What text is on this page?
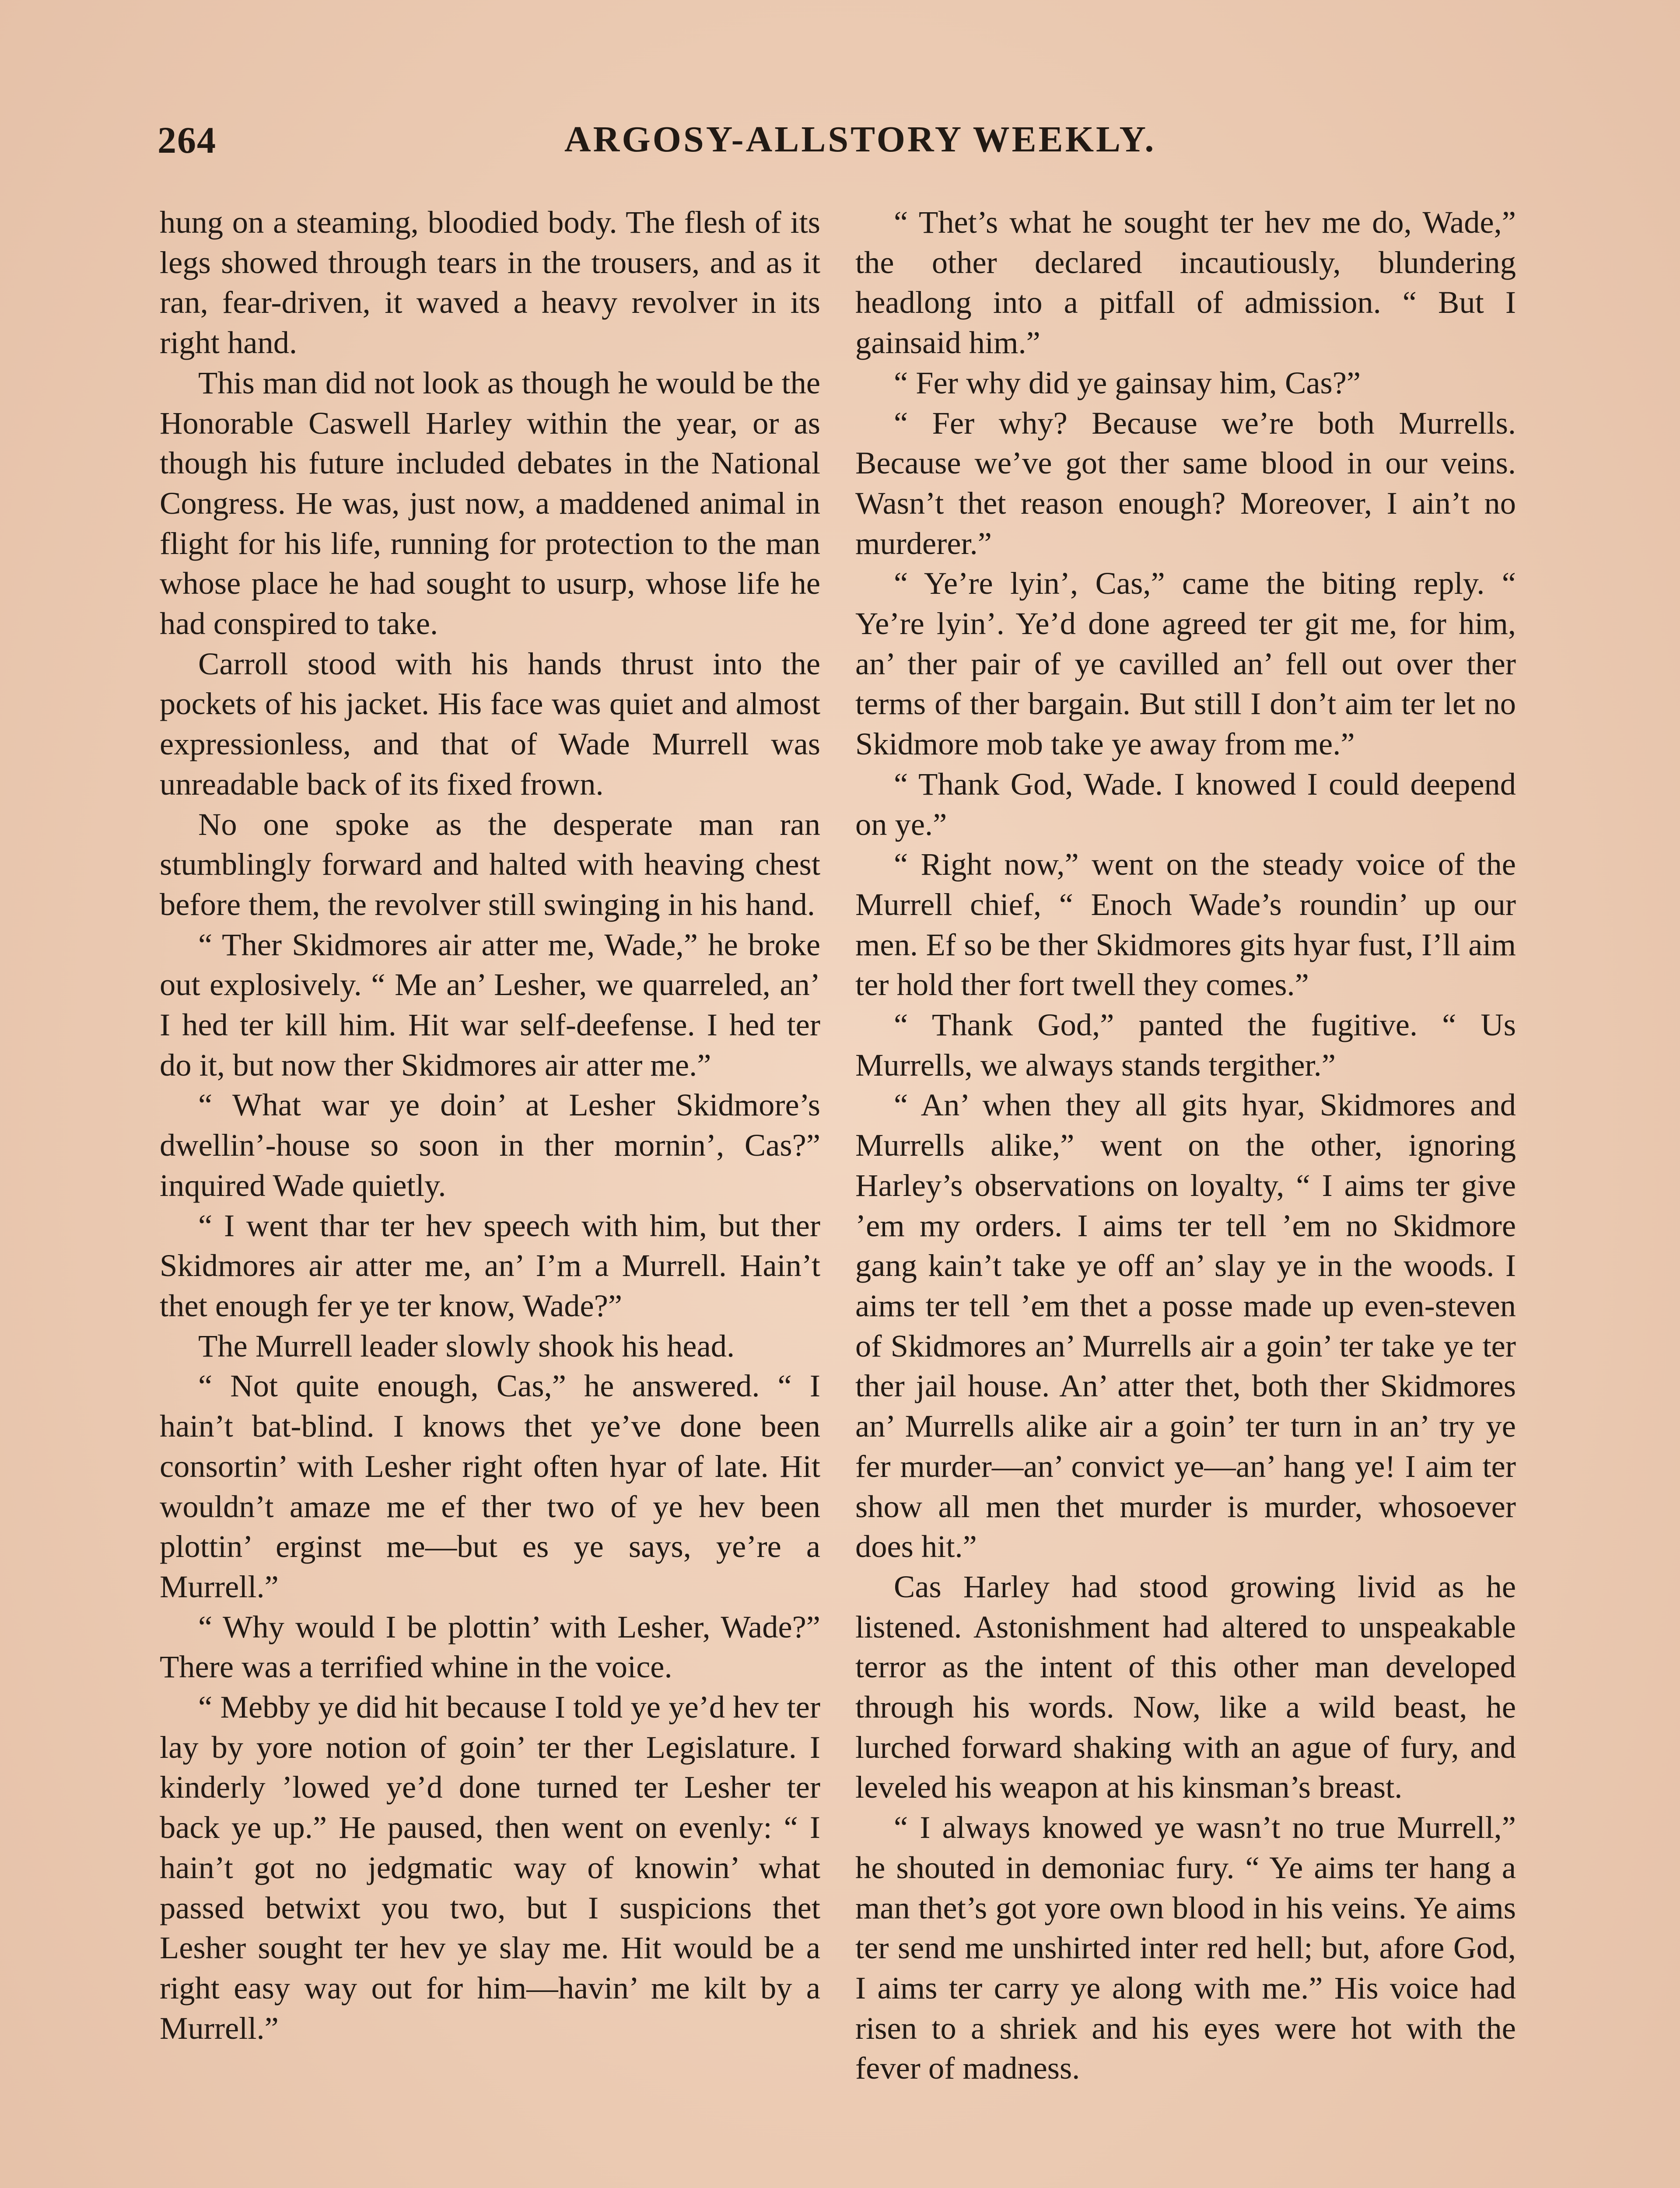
264	ARGOSY-ALLSTORY WEEKLY.

hung on a steaming, bloodied body. The flesh of its legs showed through tears in the trousers, and as it ran, fear-driven, it waved a heavy revolver in its right hand.

This man did not look as though he would be the Honorable Caswell Harley within the year, or as though his future included debates in the National Congress. He was, just now, a maddened animal in flight for his life, running for protection to the man whose place he had sought to usurp, whose life he had conspired to take.

Carroll stood with his hands thrust into the pockets of his jacket. His face was quiet and almost expressionless, and that of Wade Murrell was unreadable back of its fixed frown.

No one spoke as the desperate man ran stumblingly forward and halted with heaving chest before them, the revolver still swinging in his hand.

“ Ther Skidmores air atter me, Wade,” he broke out explosively. “ Me an’ Lesher, we quarreled, an’ I hed ter kill him. Hit war self-deefense. I hed ter do it, but now ther Skidmores air atter me.”

“ What war ye doin’ at Lesher Skidmore’s dwellin’-house so soon in ther mornin’, Cas?” inquired Wade quietly.

“ I went thar ter hev speech with him, but ther Skidmores air atter me, an’ I’m a Murrell. Hain’t thet enough fer ye ter know, Wade?”

The Murrell leader slowly shook his head.

“ Not quite enough, Cas,” he answered. “ I hain’t bat-blind. I knows thet ye’ve done been consortin’ with Lesher right often hyar of late. Hit wouldn’t amaze me ef ther two of ye hev been plottin’ erginst me—but es ye says, ye’re a Murrell.”

“ Why would I be plottin’ with Lesher, Wade?” There was a terrified whine in the voice.

“ Mebby ye did hit because I told ye ye’d hev ter lay by yore notion of goin’ ter ther Legislature. I kinderly ’lowed ye’d done turned ter Lesher ter back ye up.” He paused, then went on evenly: “ I hain’t got no jedgmatic way of knowin’ what passed betwixt you two, but I suspicions thet Lesher sought ter hev ye slay me. Hit would be a right easy way out for him—havin’ me kilt by a Murrell.”

“ Thet’s what he sought ter hev me do, Wade,” the other declared incautiously, blundering headlong into a pitfall of admission. “ But I gainsaid him.”

“ Fer why did ye gainsay him, Cas?”

“ Fer why? Because we’re both Murrells. Because we’ve got ther same blood in our veins. Wasn’t thet reason enough? Moreover, I ain’t no murderer.”

“ Ye’re lyin’, Cas,” came the biting reply. “ Ye’re lyin’. Ye’d done agreed ter git me, for him, an’ ther pair of ye cavilled an’ fell out over ther terms of ther bargain. But still I don’t aim ter let no Skidmore mob take ye away from me.”

“ Thank God, Wade. I knowed I could deepend on ye.”

“ Right now,” went on the steady voice of the Murrell chief, “ Enoch Wade’s roundin’ up our men. Ef so be ther Skidmores gits hyar fust, I’ll aim ter hold ther fort twell they comes.”

“ Thank God,” panted the fugitive. “ Us Murrells, we always stands tergither.”

“ An’ when they all gits hyar, Skidmores and Murrells alike,” went on the other, ignoring Harley’s observations on loyalty, “ I aims ter give ’em my orders. I aims ter tell ’em no Skidmore gang kain’t take ye off an’ slay ye in the woods. I aims ter tell ’em thet a posse made up even-steven of Skidmores an’ Murrells air a goin’ ter take ye ter ther jail house. An’ atter thet, both ther Skidmores an’ Murrells alike air a goin’ ter turn in an’ try ye fer murder—an’ convict ye—an’ hang ye! I aim ter show all men thet murder is murder, whosoever does hit.”

Cas Harley had stood growing livid as he listened. Astonishment had altered to unspeakable terror as the intent of this other man developed through his words. Now, like a wild beast, he lurched forward shaking with an ague of fury, and leveled his weapon at his kinsman’s breast.

“ I always knowed ye wasn’t no true Murrell,” he shouted in demoniac fury. “ Ye aims ter hang a man thet’s got yore own blood in his veins. Ye aims ter send me unshirted inter red hell; but, afore God, I aims ter carry ye along with me.” His voice had risen to a shriek and his eyes were hot with the fever of madness.
